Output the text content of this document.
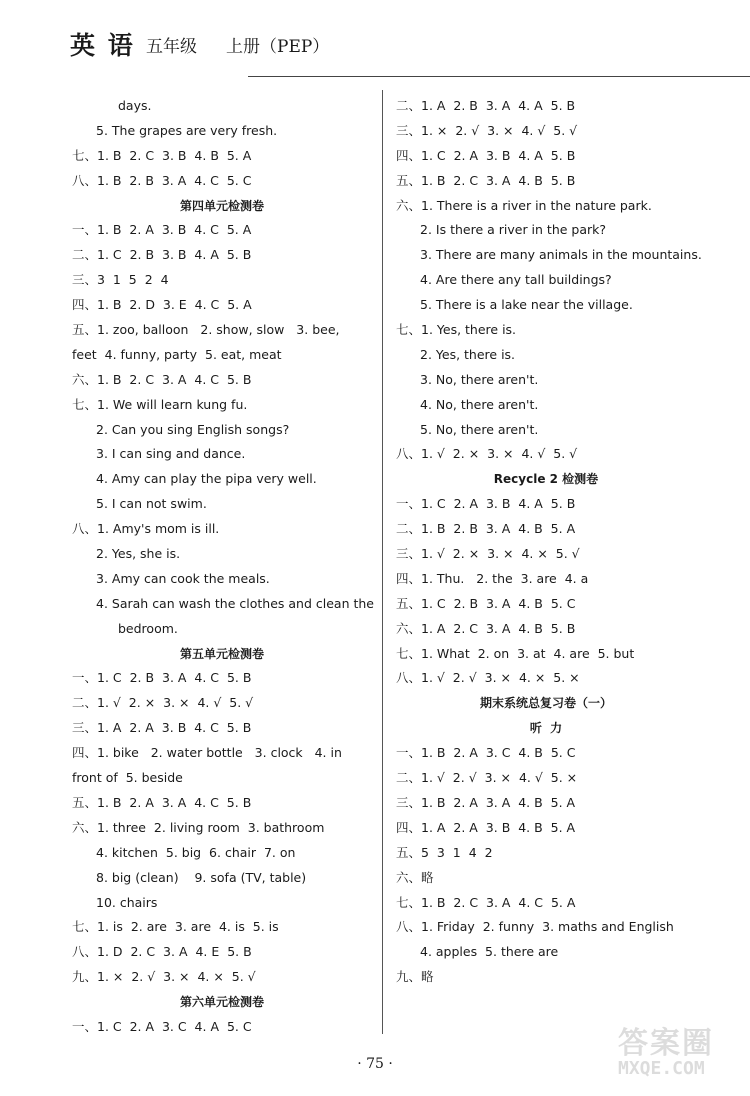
英 语 五年级 上册（PEP）
days.
5. The grapes are very fresh.
七、1. B  2. C  3. B  4. B  5. A
八、1. B  2. B  3. A  4. C  5. C
第四单元检测卷
一、1. B  2. A  3. B  4. C  5. A
二、1. C  2. B  3. B  4. A  5. B
三、3  1  5  2  4
四、1. B  2. D  3. E  4. C  5. A
五、1. zoo, balloon   2. show, slow   3. bee,
feet  4. funny, party  5. eat, meat
六、1. B  2. C  3. A  4. C  5. B
七、1. We will learn kung fu.
2. Can you sing English songs?
3. I can sing and dance.
4. Amy can play the pipa very well.
5. I can not swim.
八、1. Amy's mom is ill.
2. Yes, she is.
3. Amy can cook the meals.
4. Sarah can wash the clothes and clean the
bedroom.
第五单元检测卷
一、1. C  2. B  3. A  4. C  5. B
二、1. √  2. ×  3. ×  4. √  5. √
三、1. A  2. A  3. B  4. C  5. B
四、1. bike   2. water bottle   3. clock   4. in
front of  5. beside
五、1. B  2. A  3. A  4. C  5. B
六、1. three  2. living room  3. bathroom
4. kitchen  5. big  6. chair  7. on
8. big (clean)    9. sofa (TV, table)
10. chairs
七、1. is  2. are  3. are  4. is  5. is
八、1. D  2. C  3. A  4. E  5. B
九、1. ×  2. √  3. ×  4. ×  5. √
第六单元检测卷
一、1. C  2. A  3. C  4. A  5. C
二、1. A  2. B  3. A  4. A  5. B
三、1. ×  2. √  3. ×  4. √  5. √
四、1. C  2. A  3. B  4. A  5. B
五、1. B  2. C  3. A  4. B  5. B
六、1. There is a river in the nature park.
2. Is there a river in the park?
3. There are many animals in the mountains.
4. Are there any tall buildings?
5. There is a lake near the village.
七、1. Yes, there is.
2. Yes, there is.
3. No, there aren't.
4. No, there aren't.
5. No, there aren't.
八、1. √  2. ×  3. ×  4. √  5. √
Recycle 2 检测卷
一、1. C  2. A  3. B  4. A  5. B
二、1. B  2. B  3. A  4. B  5. A
三、1. √  2. ×  3. ×  4. ×  5. √
四、1. Thu.   2. the  3. are  4. a
五、1. C  2. B  3. A  4. B  5. C
六、1. A  2. C  3. A  4. B  5. B
七、1. What  2. on  3. at  4. are  5. but
八、1. √  2. √  3. ×  4. ×  5. ×
期末系统总复习卷（一）
听  力
一、1. B  2. A  3. C  4. B  5. C
二、1. √  2. √  3. ×  4. √  5. ×
三、1. B  2. A  3. A  4. B  5. A
四、1. A  2. A  3. B  4. B  5. A
五、5  3  1  4  2
六、略
七、1. B  2. C  3. A  4. C  5. A
八、1. Friday  2. funny  3. maths and English
4. apples  5. there are
九、略
· 75 ·
答案圈
MXQE.COM
